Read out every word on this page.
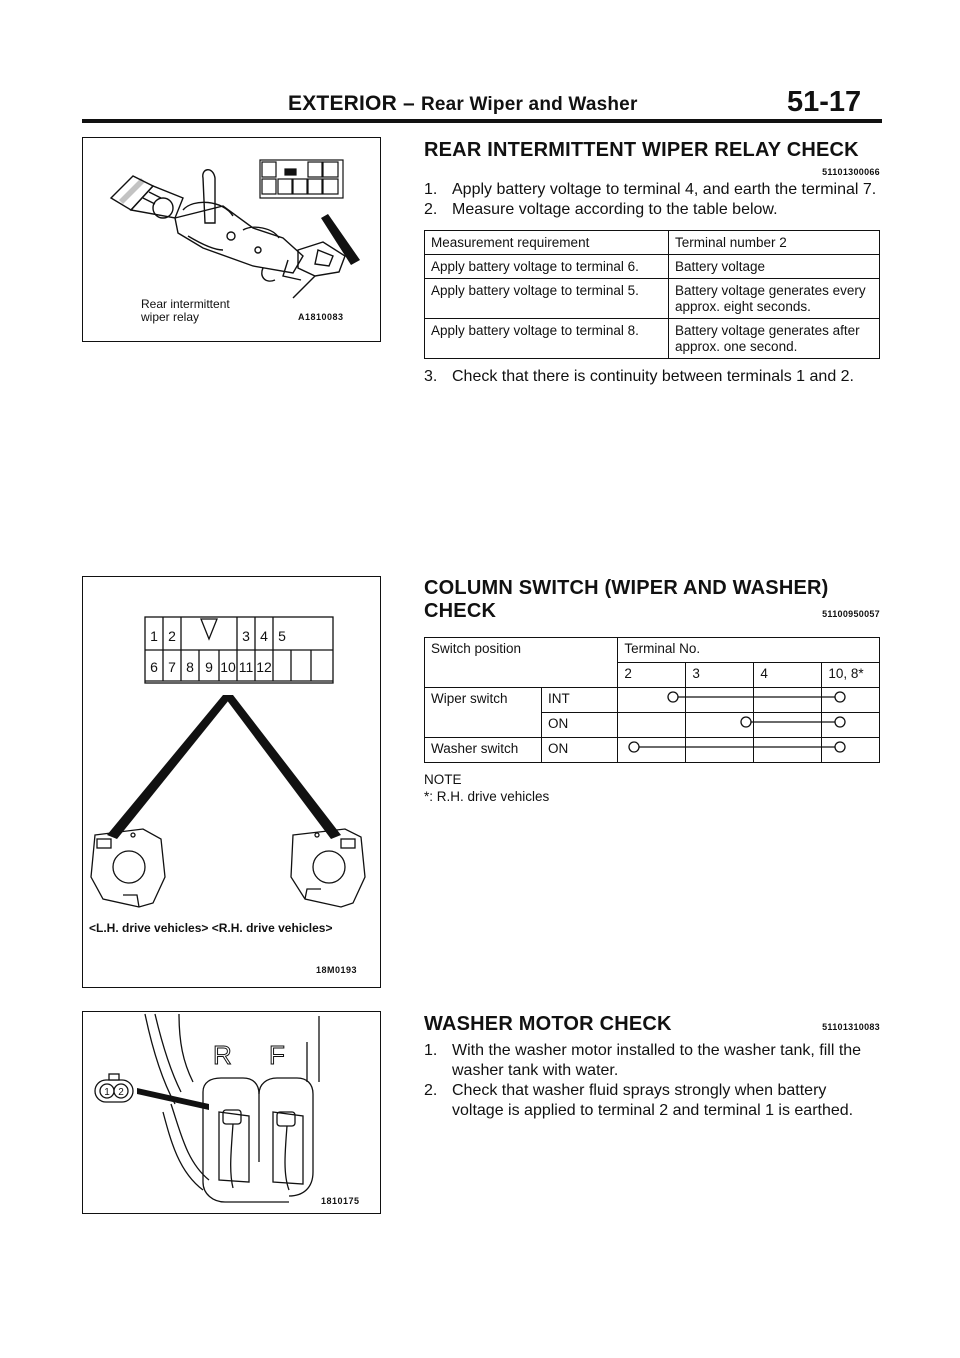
EXTERIOR – Rear Wiper and Washer	51-17
Rear intermittent
wiper relay	A1810083
REAR INTERMITTENT WIPER RELAY CHECK
51101300066
1. Apply battery voltage to terminal 4, and earth the terminal 7.
2. Measure voltage according to the table below.
Measurement requirement	Terminal number 2
Apply battery voltage to terminal 6.	Battery voltage
Apply battery voltage to terminal 5.	Battery voltage generates every approx. eight seconds.
Apply battery voltage to terminal 8.	Battery voltage generates after approx. one second.
3. Check that there is continuity between terminals 1 and 2.
1 2	3 4 5
6 7 8 9 10 11 12
<L.H. drive vehicles> <R.H. drive vehicles>
18M0193
COLUMN SWITCH (WIPER AND WASHER)
CHECK	51100950057
Switch position		Terminal No.			
		2	3	4	10, 8*
Wiper switch	INT				
	ON				
Washer switch	ON				
NOTE
*: R.H. drive vehicles
R F
1 2
1810175
WASHER MOTOR CHECK	51101310083
1. With the washer motor installed to the washer tank, fill the washer tank with water.
2. Check that washer fluid sprays strongly when battery voltage is applied to terminal 2 and terminal 1 is earthed.
